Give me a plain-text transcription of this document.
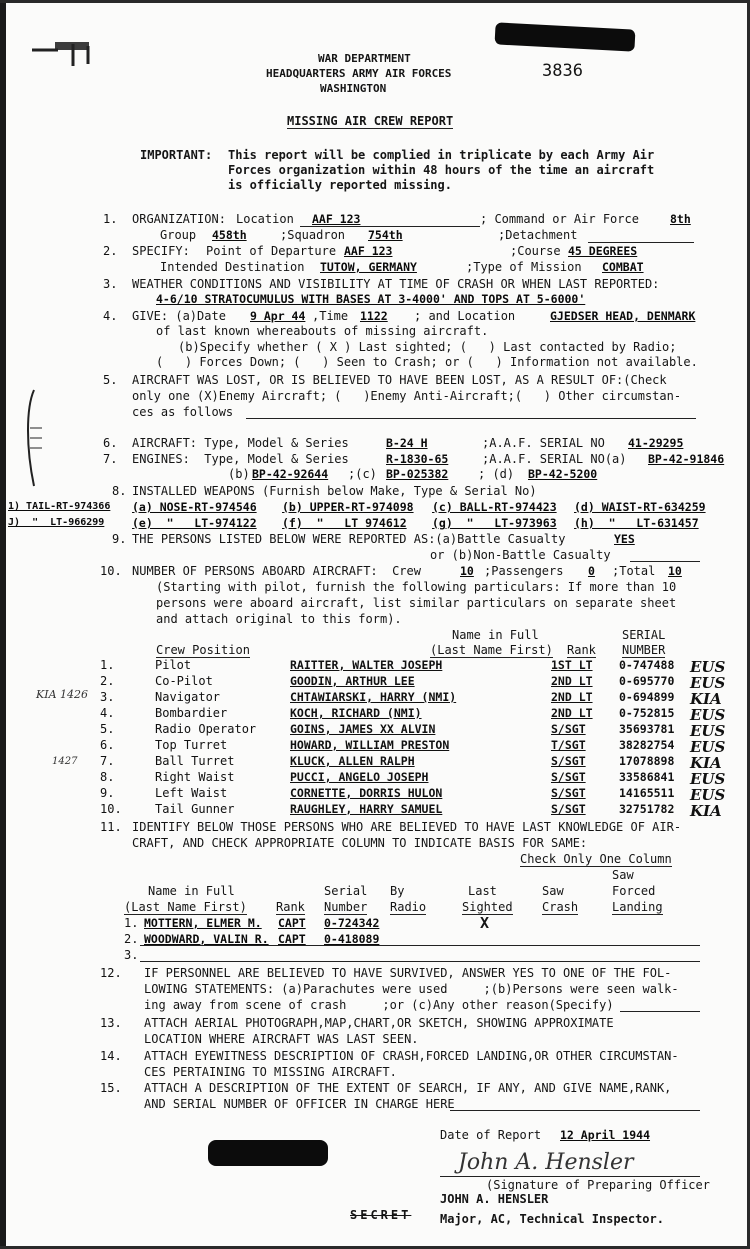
3836
WAR DEPARTMENT
HEADQUARTERS ARMY AIR FORCES
WASHINGTON
MISSING AIR CREW REPORT
IMPORTANT: This report will be complied in triplicate by each Army Air
Forces organization within 48 hours of the time an aircraft
is officially reported missing.
1.
2.
3.
4.
5.
6.
7.
8.
9.
10.
ORGANIZATION: Location AAF 123	; Command or Air Force	8th
Group 458th	;Squadron 754th	;Detachment
SPECIFY: Point of Departure AAF 123	;Course 45 DEGREES
Intended Destination TUTOW, GERMANY	;Type of Mission COMBAT
WEATHER CONDITIONS AND VISIBILITY AT TIME OF CRASH OR WHEN LAST REPORTED:
4-6/10 STRATOCUMULUS WITH BASES AT 3-4000' AND TOPS AT 5-6000'
GIVE: (a)Date 9 Apr 44 ,Time 1122 ; and Location	GJEDSER HEAD, DENMARK
of last known whereabouts of missing aircraft.
(b)Specify whether ( X ) Last sighted; (   ) Last contacted by Radio;
(   ) Forces Down; (   ) Seen to Crash; or (   ) Information not available.
AIRCRAFT WAS LOST, OR IS BELIEVED TO HAVE BEEN LOST, AS A RESULT OF:(Check
only one (X)Enemy Aircraft; (   )Enemy Anti-Aircraft;(   ) Other circumstan-
ces as follows
AIRCRAFT: Type, Model & Series	B-24 H	;A.A.F. SERIAL NO 41-29295
ENGINES:  Type, Model & Series	R-1830-65	;A.A.F. SERIAL NO(a) BP-42-91846
(b) BP-42-92644 ;(c) BP-025382 ; (d) BP-42-5200
INSTALLED WEAPONS (Furnish below Make, Type & Serial No)
(a) NOSE-RT-974546 (b) UPPER-RT-974098 (c) BALL-RT-974423 (d) WAIST-RT-634259
(e)  "   LT-974122 (f)  "   LT 974612 (g)  "   LT-973963 (h)  "   LT-631457
1) TAIL-RT-974366
J)  "  LT-966299
THE PERSONS LISTED BELOW WERE REPORTED AS:(a)Battle Casualty	YES
or (b)Non-Battle Casualty
NUMBER OF PERSONS ABOARD AIRCRAFT:  Crew	10 ;Passengers 0 ;Total 10
(Starting with pilot, furnish the following particulars: If more than 10
persons were aboard aircraft, list similar particulars on separate sheet
and attach original to this form).
Name in Full	SERIAL
Crew Position	(Last Name First) Rank NUMBER
1.	Pilot	RAITTER, WALTER JOSEPH	1ST LT 0-747488 EUS
2.	Co-Pilot	GOODIN, ARTHUR LEE	2ND LT 0-695770 EUS
3.	Navigator	CHTAWIARSKI, HARRY (NMI)	2ND LT 0-694899 KIA
4.	Bombardier	KOCH, RICHARD (NMI)	2ND LT 0-752815 EUS
5.	Radio Operator	GOINS, JAMES XX ALVIN	S/SGT	35693781 EUS
6.	Top Turret	HOWARD, WILLIAM PRESTON	T/SGT	38282754 EUS
7.	Ball Turret	KLUCK, ALLEN RALPH	S/SGT	17078898 KIA
8.	Right Waist	PUCCI, ANGELO JOSEPH	S/SGT	33586841 EUS
9.	Left Waist	CORNETTE, DORRIS HULON	S/SGT	14165511 EUS
10.	Tail Gunner	RAUGHLEY, HARRY SAMUEL	S/SGT	32751782 KIA
KIA 1426
1427
11. IDENTIFY BELOW THOSE PERSONS WHO ARE BELIEVED TO HAVE LAST KNOWLEDGE OF AIR-
CRAFT, AND CHECK APPROPRIATE COLUMN TO INDICATE BASIS FOR SAME:
Check Only One Column
Saw
Name in Full	Serial By	Last	Saw	Forced
(Last Name First) Rank Number Radio	Sighted Crash	Landing
1. MOTTERN, ELMER M. CAPT 0-724342	X
2. WOODWARD, VALIN R. CAPT 0-418089
3.
12. IF PERSONNEL ARE BELIEVED TO HAVE SURVIVED, ANSWER YES TO ONE OF THE FOL-
LOWING STATEMENTS: (a)Parachutes were used     ;(b)Persons were seen walk-
ing away from scene of crash     ;or (c)Any other reason(Specify)
13. ATTACH AERIAL PHOTOGRAPH,MAP,CHART,OR SKETCH, SHOWING APPROXIMATE
LOCATION WHERE AIRCRAFT WAS LAST SEEN.
14. ATTACH EYEWITNESS DESCRIPTION OF CRASH,FORCED LANDING,OR OTHER CIRCUMSTAN-
CES PERTAINING TO MISSING AIRCRAFT.
15. ATTACH A DESCRIPTION OF THE EXTENT OF SEARCH, IF ANY, AND GIVE NAME,RANK,
AND SERIAL NUMBER OF OFFICER IN CHARGE HERE
Date of Report 12 April 1944
John A. Hensler
(Signature of Preparing Officer
JOHN A. HENSLER
Major, AC, Technical Inspector.
SECRET
